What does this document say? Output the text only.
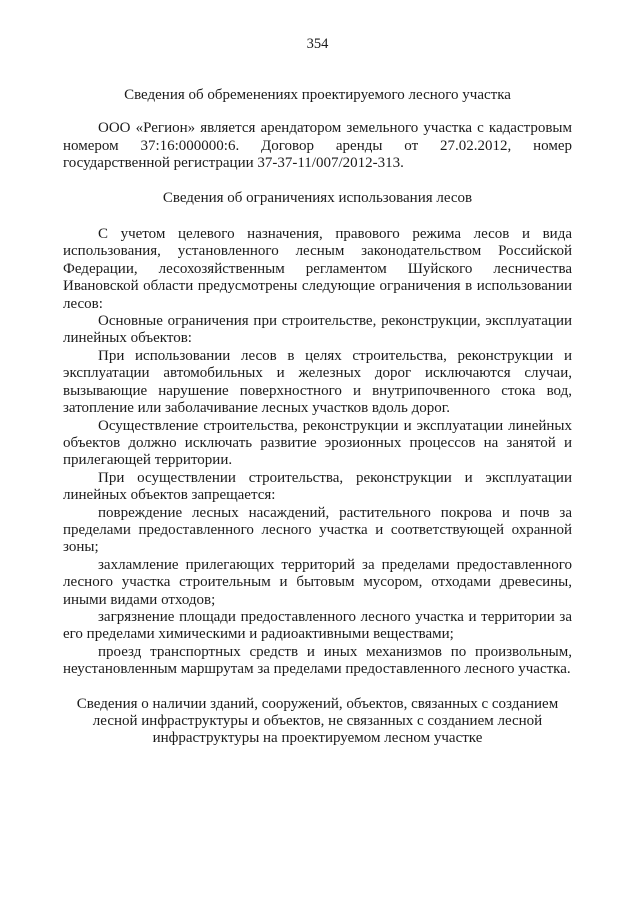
354

Сведения об обременениях проектируемого лесного участка

ООО «Регион» является арендатором земельного участка с кадастровым номером 37:16:000000:6. Договор аренды от 27.02.2012, номер государственной регистрации 37-37-11/007/2012-313.

Сведения об ограничениях использования лесов

С учетом целевого назначения, правового режима лесов и вида использования, установленного лесным законодательством Российской Федерации, лесохозяйственным регламентом Шуйского лесничества Ивановской области предусмотрены следующие ограничения в использовании лесов:

Основные ограничения при строительстве, реконструкции, эксплуатации линейных объектов:

При использовании лесов в целях строительства, реконструкции и эксплуатации автомобильных и железных дорог исключаются случаи, вызывающие нарушение поверхностного и внутрипочвенного стока вод, затопление или заболачивание лесных участков вдоль дорог.

Осуществление строительства, реконструкции и эксплуатации линейных объектов должно исключать развитие эрозионных процессов на занятой и прилегающей территории.

При осуществлении строительства, реконструкции и эксплуатации линейных объектов запрещается:

повреждение лесных насаждений, растительного покрова и почв за пределами предоставленного лесного участка и соответствующей охранной зоны;

захламление прилегающих территорий за пределами предоставленного лесного участка строительным и бытовым мусором, отходами древесины, иными видами отходов;

загрязнение площади предоставленного лесного участка и территории за его пределами химическими и радиоактивными веществами;

проезд транспортных средств и иных механизмов по произвольным, неустановленным маршрутам за пределами предоставленного лесного участка.

Сведения о наличии зданий, сооружений, объектов, связанных с созданием лесной инфраструктуры и объектов, не связанных с созданием лесной инфраструктуры на проектируемом лесном участке
